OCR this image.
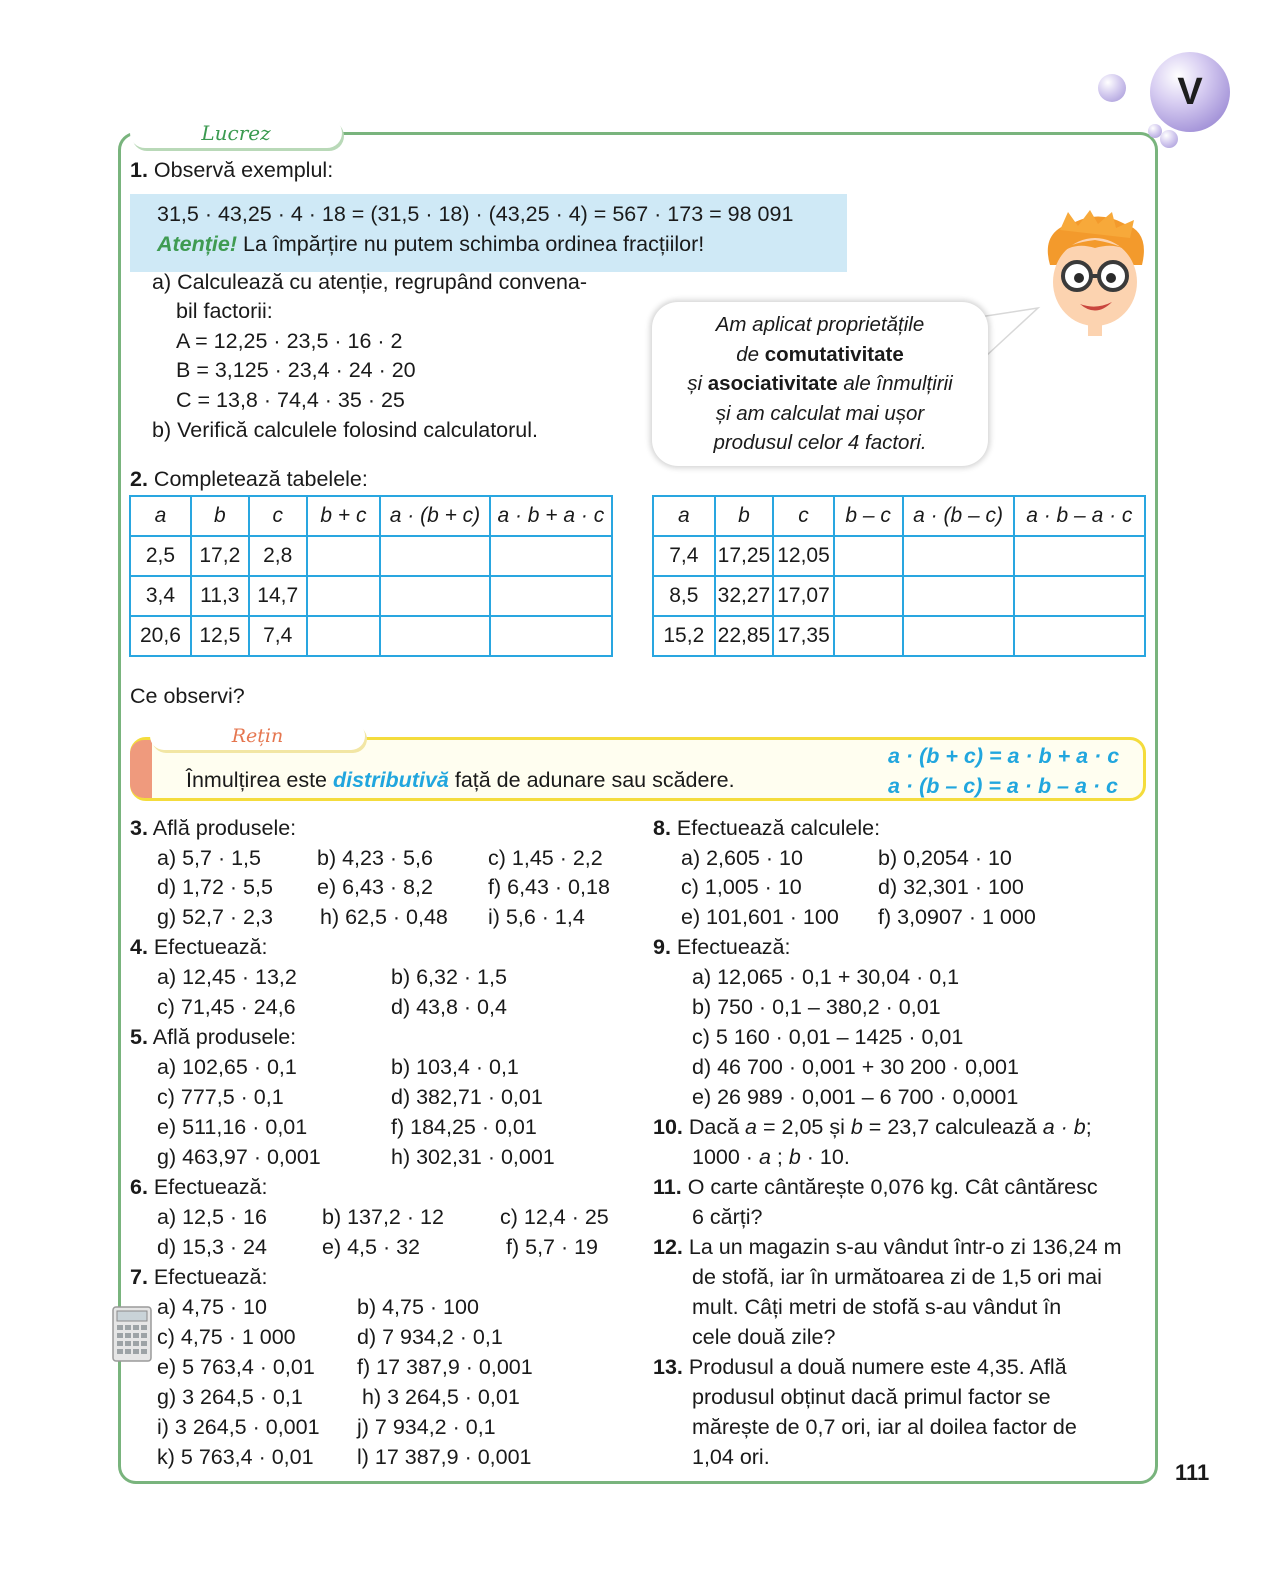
Lucrez
V
1. Observă exemplul:
31,5 · 43,25 · 4 · 18 = (31,5 · 18) · (43,25 · 4) = 567 · 173 = 98 091
Atenție! La împărțire nu putem schimba ordinea fracțiilor!
a) Calculează cu atenție, regrupând convena-
bil factorii:
A = 12,25 · 23,5 · 16 · 2
B = 3,125 · 23,4 · 24 · 20
C = 13,8 · 74,4 · 35 · 25
b) Verifică calculele folosind calculatorul.
Am aplicat proprietățile
de comutativitate
și asociativitate ale înmulțirii
și am calculat mai ușor
produsul celor 4 factori.
2. Completează tabelele:
a	b	c	b + c	a · (b + c)	a · b + a · c
2,5	17,2	2,8			
3,4	11,3	14,7			
20,6	12,5	7,4			
a	b	c	b – c	a · (b – c)	a · b – a · c
7,4	17,25	12,05			
8,5	32,27	17,07			
15,2	22,85	17,35			
Ce observi?
Rețin
Înmulțirea este distributivă față de adunare sau scădere.
a · (b + c) = a · b + a · c
a · (b – c) = a · b – a · c
3. Află produsele:
a) 5,7 · 1,5	b) 4,23 · 5,6	c) 1,45 · 2,2
d) 1,72 · 5,5 e) 6,43 · 8,2	f) 6,43 · 0,18
g) 52,7 · 2,3 h) 62,5 · 0,48 i) 5,6 · 1,4
4. Efectuează:
a) 12,45 · 13,2	b) 6,32 · 1,5
c) 71,45 · 24,6	d) 43,8 · 0,4
5. Află produsele:
a) 102,65 · 0,1	b) 103,4 · 0,1
c) 777,5 · 0,1	d) 382,71 · 0,01
e) 511,16 · 0,01	f) 184,25 · 0,01
g) 463,97 · 0,001	h) 302,31 · 0,001
6. Efectuează:
a) 12,5 · 16	b) 137,2 · 12	c) 12,4 · 25
d) 15,3 · 24	e) 4,5 · 32	f) 5,7 · 19
7. Efectuează:
a) 4,75 · 10	b) 4,75 · 100
c) 4,75 · 1 000	d) 7 934,2 · 0,1
e) 5 763,4 · 0,01 f) 17 387,9 · 0,001
g) 3 264,5 · 0,1	h) 3 264,5 · 0,01
i) 3 264,5 · 0,001 j) 7 934,2 · 0,1
k) 5 763,4 · 0,01 l) 17 387,9 · 0,001
8. Efectuează calculele:
a) 2,605 · 10	b) 0,2054 · 10
c) 1,005 · 10	d) 32,301 · 100
e) 101,601 · 100 f) 3,0907 · 1 000
9. Efectuează:
a) 12,065 · 0,1 + 30,04 · 0,1
b) 750 · 0,1 – 380,2 · 0,01
c) 5 160 · 0,01 – 1425 · 0,01
d) 46 700 · 0,001 + 30 200 · 0,001
e) 26 989 · 0,001 – 6 700 · 0,0001
10. Dacă a = 2,05 și b = 23,7 calculează a · b;
1000 · a ; b · 10.
11. O carte cântărește 0,076 kg. Cât cântăresc
6 cărți?
12. La un magazin s-au vândut într-o zi 136,24 m
de stofă, iar în următoarea zi de 1,5 ori mai
mult. Câți metri de stofă s-au vândut în
cele două zile?
13. Produsul a două numere este 4,35. Află
produsul obținut dacă primul factor se
mărește de 0,7 ori, iar al doilea factor de
1,04 ori.
111
